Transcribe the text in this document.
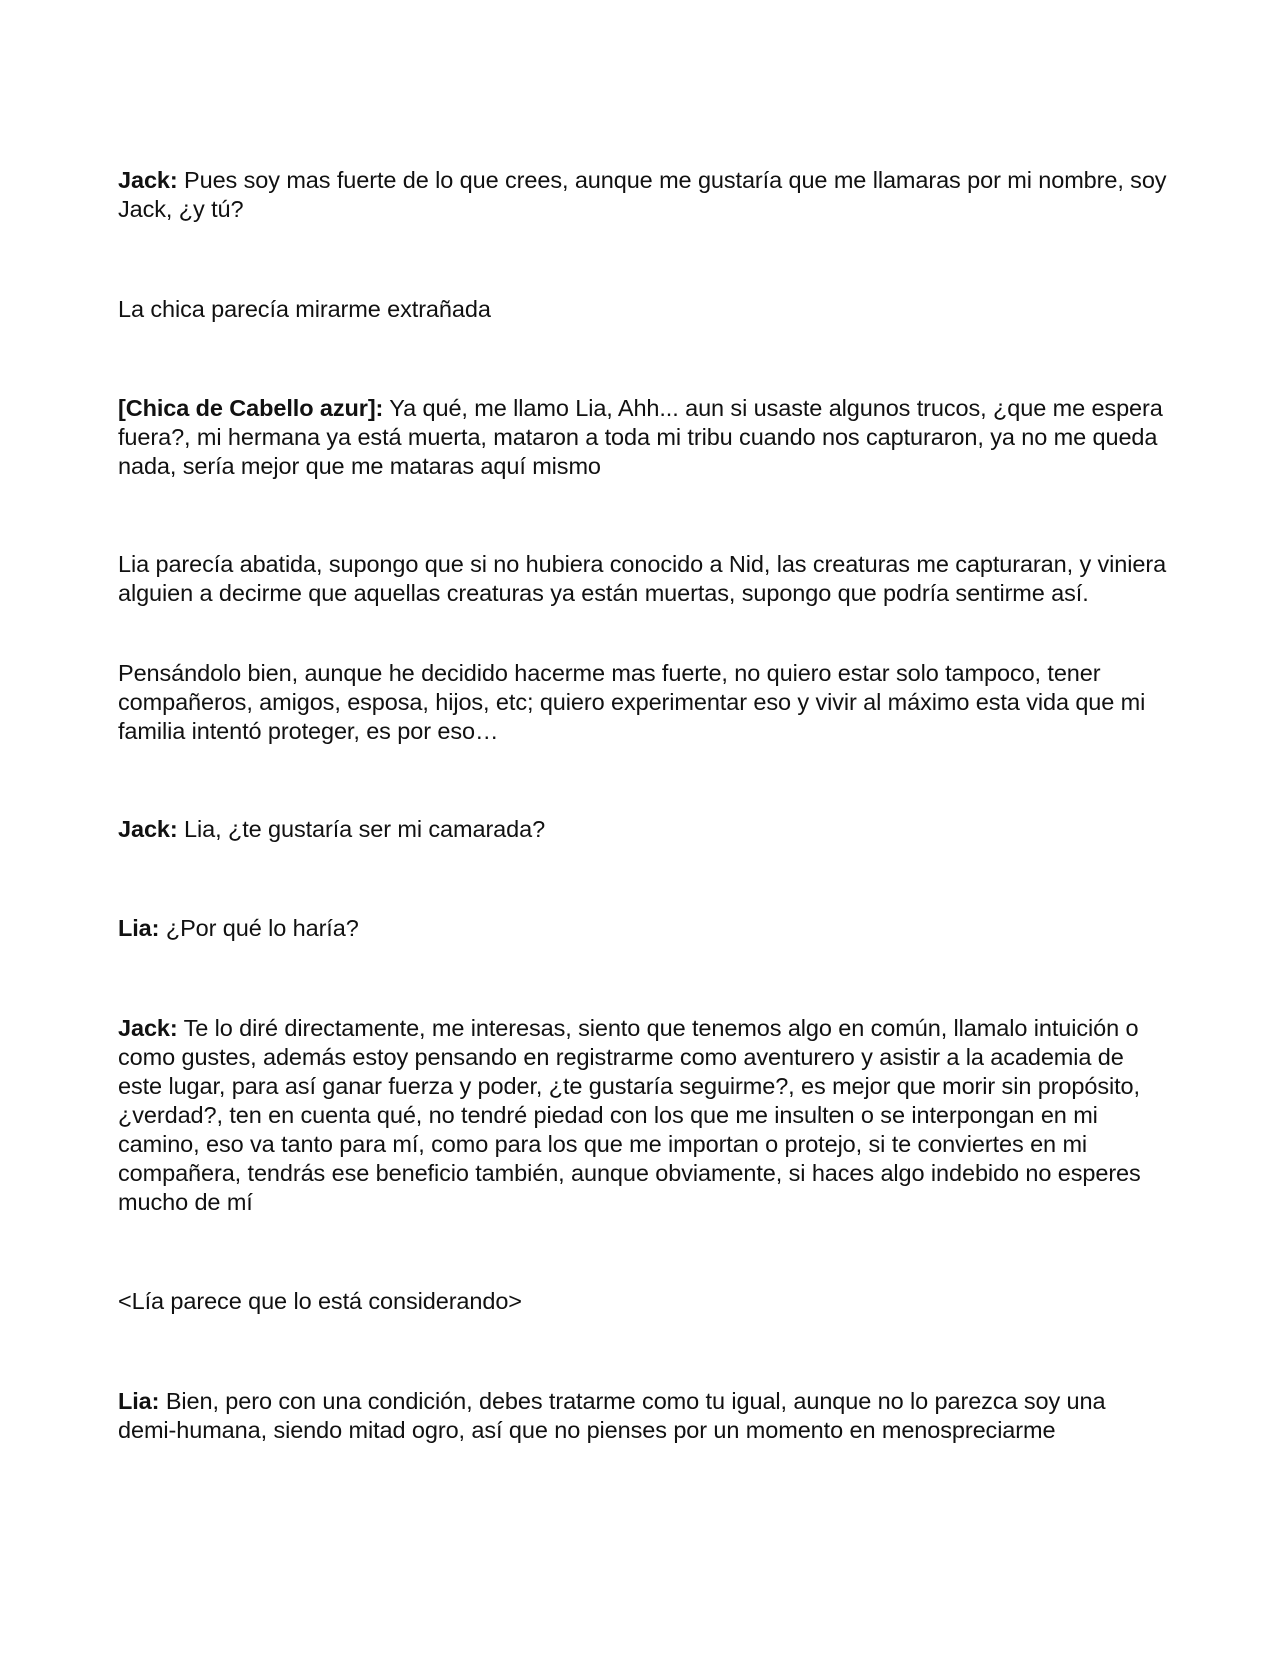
Jack: Pues soy mas fuerte de lo que crees, aunque me gustaría que me llamaras por mi nombre, soy Jack, ¿y tú?

La chica parecía mirarme extrañada

[Chica de Cabello azur]: Ya qué, me llamo Lia, Ahh... aun si usaste algunos trucos, ¿que me espera fuera?, mi hermana ya está muerta, mataron a toda mi tribu cuando nos capturaron, ya no me queda nada, sería mejor que me mataras aquí mismo

Lia parecía abatida, supongo que si no hubiera conocido a Nid, las creaturas me capturaran, y viniera alguien a decirme que aquellas creaturas ya están muertas, supongo que podría sentirme así.

Pensándolo bien, aunque he decidido hacerme mas fuerte, no quiero estar solo tampoco, tener compañeros, amigos, esposa, hijos, etc; quiero experimentar eso y vivir al máximo esta vida que mi familia intentó proteger, es por eso…

Jack: Lia, ¿te gustaría ser mi camarada?

Lia: ¿Por qué lo haría?

Jack: Te lo diré directamente, me interesas, siento que tenemos algo en común, llamalo intuición o como gustes, además estoy pensando en registrarme como aventurero y asistir a la academia de este lugar, para así ganar fuerza y poder, ¿te gustaría seguirme?, es mejor que morir sin propósito, ¿verdad?, ten en cuenta qué, no tendré piedad con los que me insulten o se interpongan en mi camino, eso va tanto para mí, como para los que me importan o protejo, si te conviertes en mi compañera, tendrás ese beneficio también, aunque obviamente, si haces algo indebido no esperes mucho de mí

<Lía parece que lo está considerando>

Lia: Bien, pero con una condición, debes tratarme como tu igual, aunque no lo parezca soy una demi-humana, siendo mitad ogro, así que no pienses por un momento en menospreciarme
